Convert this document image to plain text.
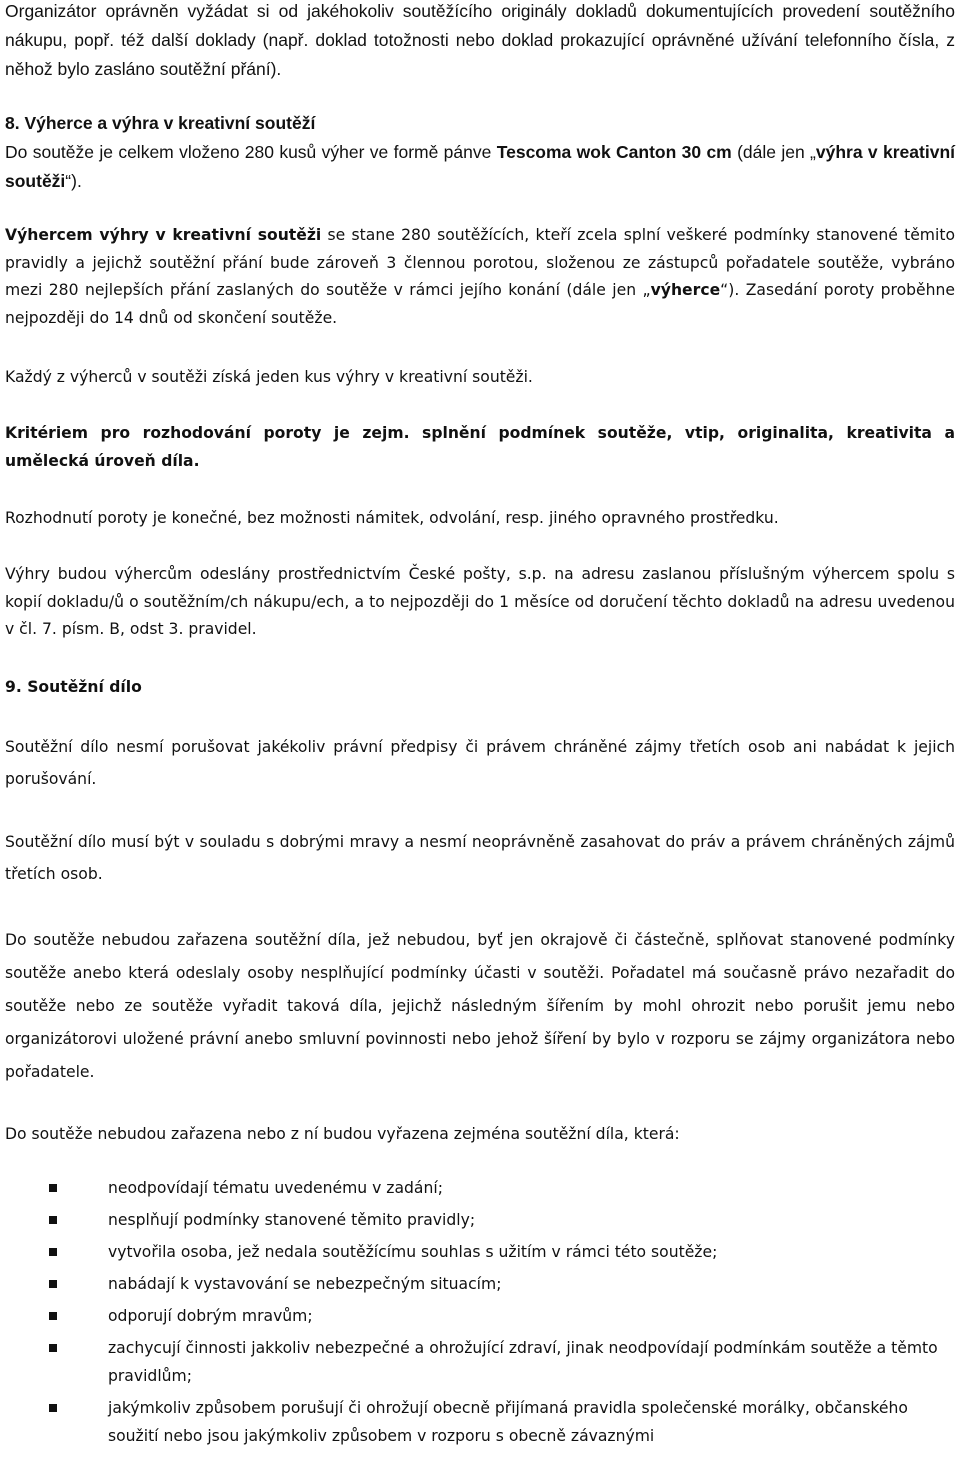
Organizátor oprávněn vyžádat si od jakéhokoliv soutěžícího originály dokladů dokumentujících provedení soutěžního nákupu, popř. též další doklady (např. doklad totožnosti nebo doklad prokazující oprávněné užívání telefonního čísla, z něhož bylo zasláno soutěžní přání).

8. Výherce a výhra v kreativní soutěží

Do soutěže je celkem vloženo 280 kusů výher ve formě pánve Tescoma wok Canton 30 cm (dále jen „výhra v kreativní soutěži“).

Výhercem výhry v kreativní soutěži se stane 280 soutěžících, kteří zcela splní veškeré podmínky stanovené těmito pravidly a jejichž soutěžní přání bude zároveň 3 člennou porotou, složenou ze zástupců pořadatele soutěže, vybráno mezi 280 nejlepších přání zaslaných do soutěže v rámci jejího konání (dále jen „výherce“). Zasedání poroty proběhne nejpozději do 14 dnů od skončení soutěže.

Každý z výherců v soutěži získá jeden kus výhry v kreativní soutěži.

Kritériem pro rozhodování poroty je zejm. splnění podmínek soutěže, vtip, originalita, kreativita a umělecká úroveň díla.

Rozhodnutí poroty je konečné, bez možnosti námitek, odvolání, resp. jiného opravného prostředku.

Výhry budou výhercům odeslány prostřednictvím České pošty, s.p. na adresu zaslanou příslušným výhercem spolu s kopií dokladu/ů o soutěžním/ch nákupu/ech, a to nejpozději do 1 měsíce od doručení těchto dokladů na adresu uvedenou v čl. 7. písm. B, odst 3. pravidel.

9. Soutěžní dílo

Soutěžní dílo nesmí porušovat jakékoliv právní předpisy či právem chráněné zájmy třetích osob ani nabádat k jejich porušování.

Soutěžní dílo musí být v souladu s dobrými mravy a nesmí neoprávněně zasahovat do práv a právem chráněných zájmů třetích osob.

Do soutěže nebudou zařazena soutěžní díla, jež nebudou, byť jen okrajově či částečně, splňovat stanovené podmínky soutěže anebo která odeslaly osoby nesplňující podmínky účasti v soutěži. Pořadatel má současně právo nezařadit do soutěže nebo ze soutěže vyřadit taková díla, jejichž následným šířením by mohl ohrozit nebo porušit jemu nebo organizátorovi uložené právní anebo smluvní povinnosti nebo jehož šíření by bylo v rozporu se zájmy organizátora nebo pořadatele.

Do soutěže nebudou zařazena nebo z ní budou vyřazena zejména soutěžní díla, která:

neodpovídají tématu uvedenému v zadání;
nesplňují podmínky stanovené těmito pravidly;
vytvořila osoba, jež nedala soutěžícímu souhlas s užitím v rámci této soutěže;
nabádají k vystavování se nebezpečným situacím;
odporují dobrým mravům;
zachycují činnosti jakkoliv nebezpečné a ohrožující zdraví, jinak neodpovídají podmínkám soutěže a těmto pravidlům;
jakýmkoliv způsobem porušují či ohrožují obecně přijímaná pravidla společenské morálky, občanského soužití nebo jsou jakýmkoliv způsobem v rozporu s obecně závaznými
